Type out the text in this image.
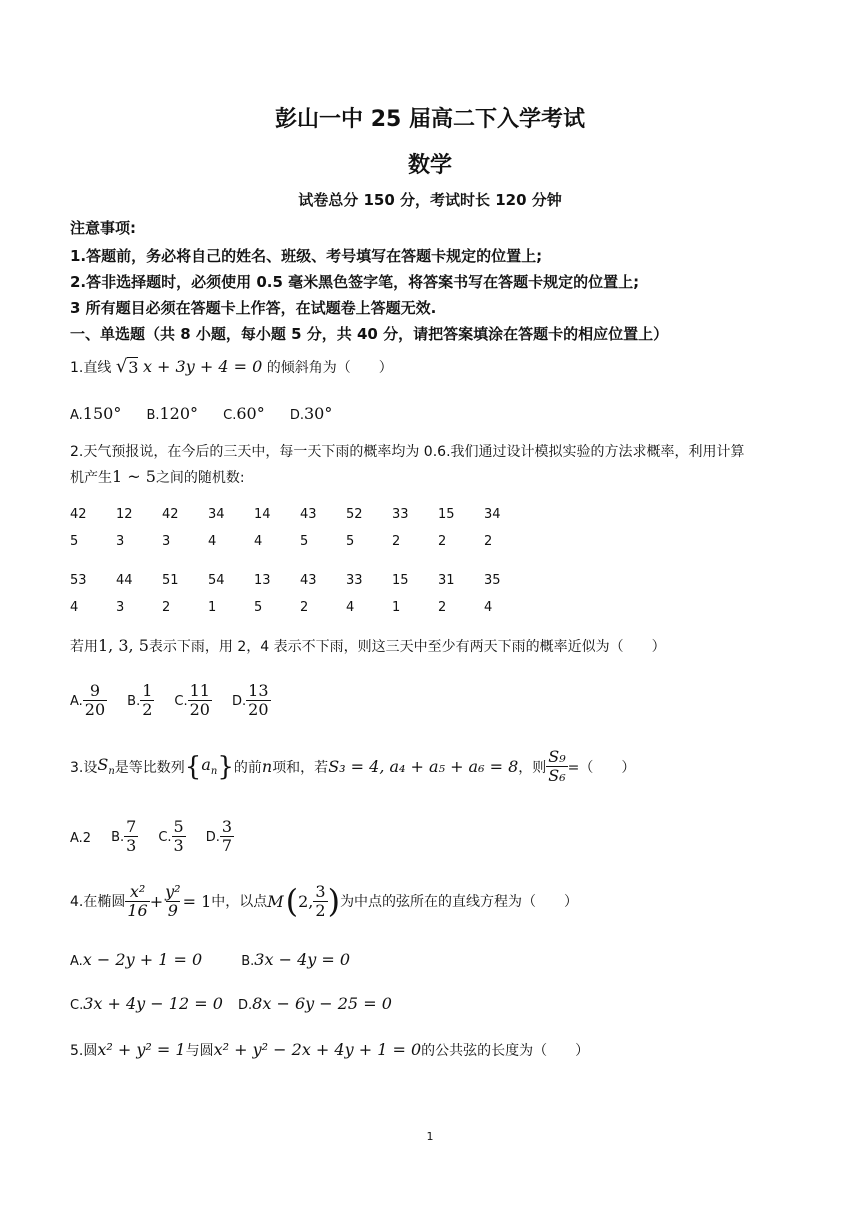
彭山一中 25 届高二下入学考试
数学
试卷总分 150 分，考试时长 120 分钟
注意事项:
1.答题前，务必将自己的姓名、班级、考号填写在答题卡规定的位置上;
2.答非选择题时，必须使用 0.5 毫米黑色签字笔，将答案书写在答题卡规定的位置上;
3 所有题目必须在答题卡上作答，在试题卷上答题无效.
一、单选题（共 8 小题，每小题 5 分，共 40 分，请把答案填涂在答题卡的相应位置上）
1.直线 √ 3 x + 3y + 4 = 0 的倾斜角为（　　）
A.150° B.120° C.60° D.30°
2.天气预报说，在今后的三天中，每一天下雨的概率均为 0.6.我们通过设计模拟实验的方法求概率，利用计算
机产生1 ~ 5之间的随机数:
42 12 42 34 14 43 52 33 15 34
5	3	3	4	4	5	5	2	2	2
53 44 51 54 13 43 33 15 31 35
4	3	2	1	5	2	4	1	2	4
若用1, 3, 5表示下雨，用 2，4 表示不下雨，则这三天中至少有两天下雨的概率近似为（　　）
A. $\frac{9}{20} B$. $\frac{1}{2} C$. $\frac{11}{20} D$. $\frac{13}{20}$
3.设 $S_n$ 是等比数列 { $a_n$ } 的前 n 项和，若 S₃ = 4, a₄ + a₅ + a₆ = 8 ，则 $\frac{\text{S₉}}{\text{S₆}}$ =（　　）
A.2 B. $\frac{7}{3} C$. $\frac{5}{3} D$. $\frac{3}{7}$
4.在椭圆 $\frac{\text{x²}}{16} + \frac{\text{y²}}{9} = 1$ 中，以点 M ( 2, $\frac{3}{2}$ ) 为中点的弦所在的直线方程为（　　）
A.x − 2y + 1 = 0	B.3x − 4y = 0
C.3x + 4y − 12 = 0 D.8x − 6y − 25 = 0
5.圆x² + y² = 1与圆x² + y² − 2x + 4y + 1 = 0的公共弦的长度为（　　）
1
